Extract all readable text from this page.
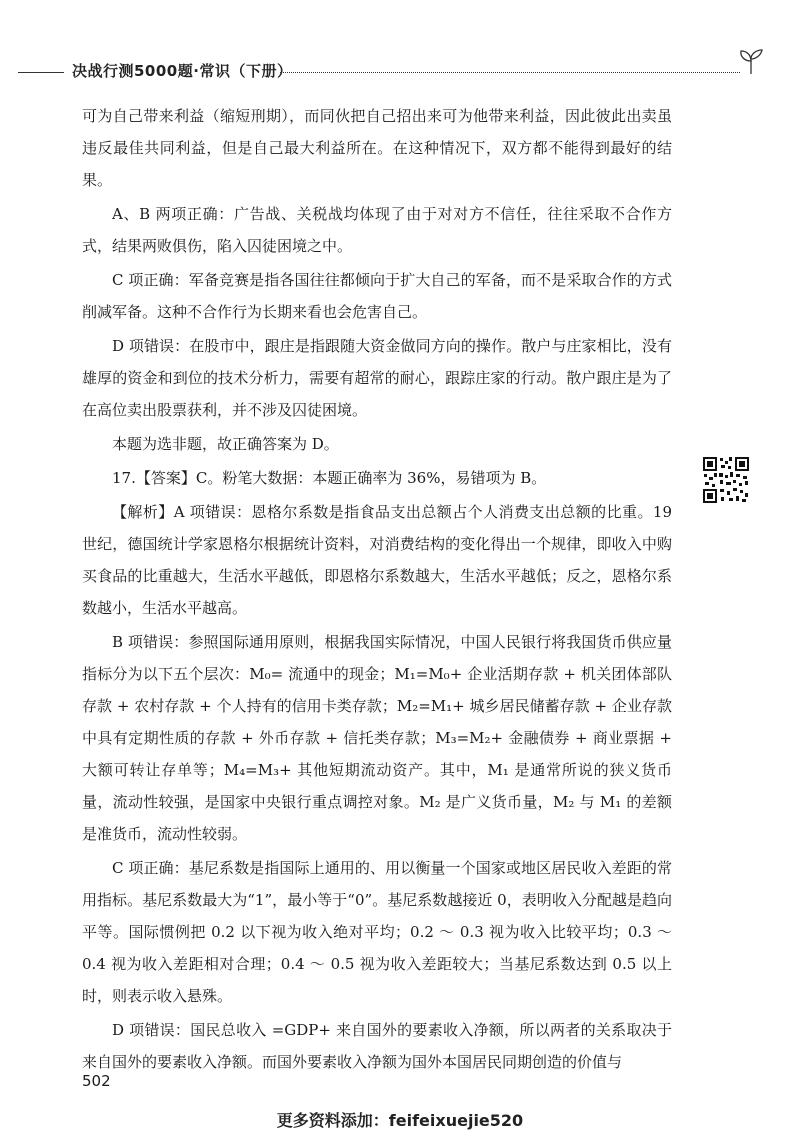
决战行测5000题·常识（下册）

可为自己带来利益（缩短刑期），而同伙把自己招出来可为他带来利益，因此彼此出卖虽违反最佳共同利益，但是自己最大利益所在。在这种情况下，双方都不能得到最好的结果。

A、B 两项正确：广告战、关税战均体现了由于对对方不信任，往往采取不合作方式，结果两败俱伤，陷入囚徒困境之中。

C 项正确：军备竞赛是指各国往往都倾向于扩大自己的军备，而不是采取合作的方式削减军备。这种不合作行为长期来看也会危害自己。

D 项错误：在股市中，跟庄是指跟随大资金做同方向的操作。散户与庄家相比，没有雄厚的资金和到位的技术分析力，需要有超常的耐心，跟踪庄家的行动。散户跟庄是为了在高位卖出股票获利，并不涉及囚徒困境。

本题为选非题，故正确答案为 D。

17.【答案】C。粉笔大数据：本题正确率为 36%，易错项为 B。

【解析】A 项错误：恩格尔系数是指食品支出总额占个人消费支出总额的比重。19 世纪，德国统计学家恩格尔根据统计资料，对消费结构的变化得出一个规律，即收入中购买食品的比重越大，生活水平越低，即恩格尔系数越大，生活水平越低；反之，恩格尔系数越小，生活水平越高。

B 项错误：参照国际通用原则，根据我国实际情况，中国人民银行将我国货币供应量指标分为以下五个层次：M₀= 流通中的现金；M₁=M₀+ 企业活期存款 + 机关团体部队存款 + 农村存款 + 个人持有的信用卡类存款；M₂=M₁+ 城乡居民储蓄存款 + 企业存款中具有定期性质的存款 + 外币存款 + 信托类存款；M₃=M₂+ 金融债券 + 商业票据 + 大额可转让存单等；M₄=M₃+ 其他短期流动资产。其中，M₁ 是通常所说的狭义货币量，流动性较强，是国家中央银行重点调控对象。M₂ 是广义货币量，M₂ 与 M₁ 的差额是准货币，流动性较弱。

C 项正确：基尼系数是指国际上通用的、用以衡量一个国家或地区居民收入差距的常用指标。基尼系数最大为“1”，最小等于“0”。基尼系数越接近 0，表明收入分配越是趋向平等。国际惯例把 0.2 以下视为收入绝对平均；0.2 ～ 0.3 视为收入比较平均；0.3 ～ 0.4 视为收入差距相对合理；0.4 ～ 0.5 视为收入差距较大；当基尼系数达到 0.5 以上时，则表示收入悬殊。

D 项错误：国民总收入 =GDP+ 来自国外的要素收入净额，所以两者的关系取决于来自国外的要素收入净额。而国外要素收入净额为国外本国居民同期创造的价值与

502
更多资料添加：feifeixuejie520
